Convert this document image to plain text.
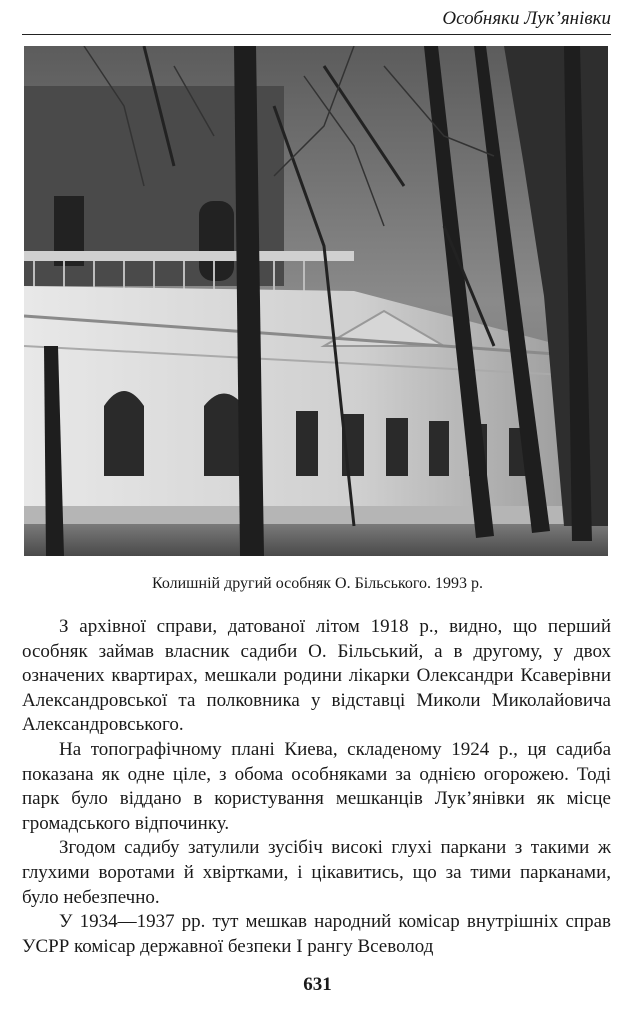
Особняки Лук’янівки
Колишній другий особняк О. Більського. 1993 р.

З архівної справи, датованої літом 1918 р., видно, що перший особняк займав власник садиби О. Більський, а в другому, у двох означених квартирах, мешкали родини лікарки Олександри Ксаверівни Александровської та полковника у відставці Миколи Миколайовича Александровського.

На топографічному плані Киева, складеному 1924 р., ця садиба показана як одне ціле, з обома особняками за однією огорожею. Тоді парк було віддано в користування мешканців Лук’янівки як місце громадського відпочинку.

Згодом садибу затулили зусібіч високі глухі паркани з такими ж глухими воротами й хвіртками, і цікавитись, що за тими парканами, було небезпечно.

У 1934—1937 рр. тут мешкав народний комісар внутрішніх справ УСРР комісар державної безпеки І рангу Всеволод

631
